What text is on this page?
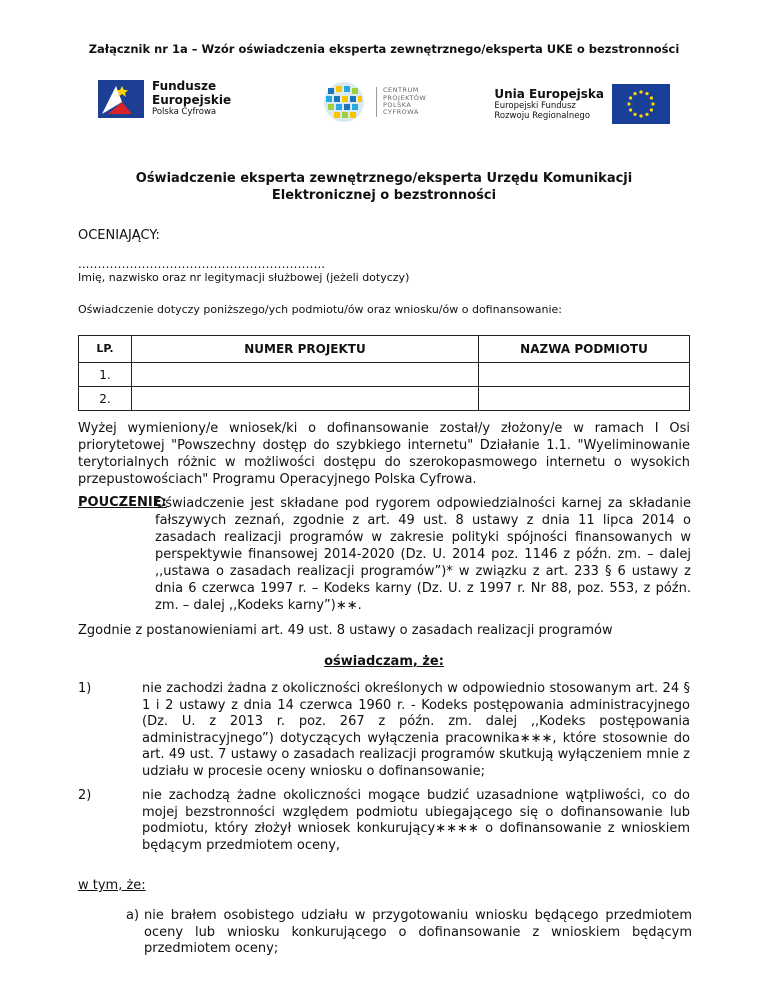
Załącznik nr 1a – Wzór oświadczenia eksperta zewnętrznego/eksperta UKE o bezstronności
Fundusze
Europejskie
Polska Cyfrowa
CENTRUM
PROJEKTÓW
POLSKA
CYFROWA
Unia Europejska
Europejski Fundusz
Rozwoju Regionalnego
Oświadczenie eksperta zewnętrznego/eksperta Urzędu Komunikacji Elektronicznej o bezstronności
OCENIAJĄCY:
...…………………………………………………..
Imię, nazwisko oraz nr legitymacji służbowej (jeżeli dotyczy)
Oświadczenie dotyczy poniższego/ych podmiotu/ów oraz wniosku/ów o dofinansowanie:
LP.	NUMER PROJEKTU	NAZWA PODMIOTU
1.		
2.		
Wyżej wymieniony/e wniosek/ki o dofinansowanie został/y złożony/e w ramach I Osi priorytetowej "Powszechny dostęp do szybkiego internetu" Działanie 1.1. "Wyeliminowanie terytorialnych różnic w możliwości dostępu do szerokopasmowego internetu o wysokich przepustowościach" Programu Operacyjnego Polska Cyfrowa.
POUCZENIE:
Oświadczenie jest składane pod rygorem odpowiedzialności karnej za składanie fałszywych zeznań, zgodnie z art. 49 ust. 8 ustawy z dnia 11 lipca 2014 o zasadach realizacji programów w zakresie polityki spójności finansowanych w perspektywie finansowej 2014-2020 (Dz. U. 2014 poz. 1146 z późn. zm. – dalej ,,ustawa o zasadach realizacji programów”)* w związku z art. 233 § 6 ustawy z dnia 6 czerwca 1997 r. – Kodeks karny (Dz. U. z 1997 r. Nr 88, poz. 553, z późn. zm. – dalej ,,Kodeks karny”)∗∗.
Zgodnie z postanowieniami art. 49 ust. 8 ustawy o zasadach realizacji programów
oświadczam, że:
1)	nie zachodzi żadna z okoliczności określonych w odpowiednio stosowanym art. 24 § 1 i 2 ustawy z dnia 14 czerwca 1960 r. - Kodeks postępowania administracyjnego (Dz. U. z 2013 r. poz. 267 z późn. zm. dalej ,,Kodeks postępowania administracyjnego”) dotyczących wyłączenia pracownika∗∗∗, które stosownie do art. 49 ust. 7 ustawy o zasadach realizacji programów skutkują wyłączeniem mnie z udziału w procesie oceny wniosku o dofinansowanie;
2)	nie zachodzą żadne okoliczności mogące budzić uzasadnione wątpliwości, co do mojej bezstronności względem podmiotu ubiegającego się o dofinansowanie lub podmiotu, który złożył wniosek konkurujący∗∗∗∗ o dofinansowanie z wnioskiem będącym przedmiotem oceny,
w tym, że:
a) nie brałem osobistego udziału w przygotowaniu wniosku będącego przedmiotem oceny lub wniosku konkurującego o dofinansowanie z wnioskiem będącym przedmiotem oceny;
